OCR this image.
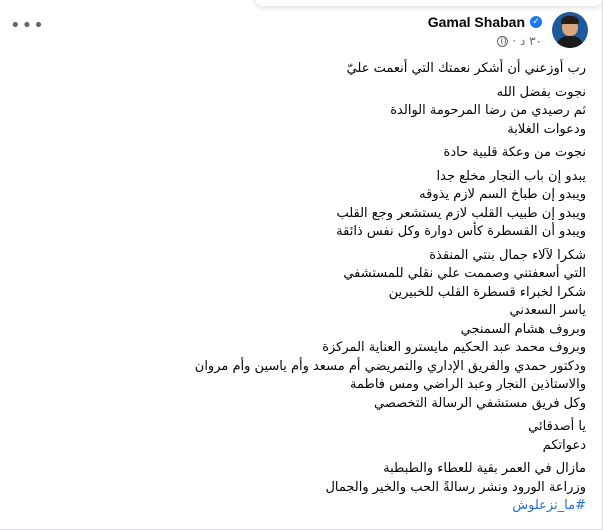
Gamal Shaban ✓
٣٠ د
·
•••
رب أوزعني أن أشكر نعمتك التي أنعمت عليّ
نجوت بفضل الله
ثم رصيدي من رضا المرحومة الوالدة
ودعوات الغلابة
نجوت من وعكة قلبية حادة
يبدو إن باب النجار مخلع جدا
ويبدو إن طباخ السم لازم يذوقه
ويبدو إن طبيب القلب لازم يستشعر وجع القلب
ويبدو أن القسطرة كأس دوارة وكل نفس ذائقة
شكرا لآلاء جمال بنتي المنقذة
التي أسعفتني وصممت علي نقلي للمستشفي
شكرا لخبراء قسطرة القلب للخبيرين
ياسر السعدني
وبروف هشام السمنجي
وبروف محمد عبد الحكيم مايسترو العناية المركزة
ودكتور حمدي والفريق الإداري والتمريضي أم مسعد وأم ياسين وأم مروان
والاستاذين النجار وعبد الراضي ومس فاطمة
وكل فريق مستشفي الرسالة التخصصي
يا أصدقائي
دعواتكم
مازال في العمر بقية للعطاء والطبطبة
وزراعة الورود ونشر رسالةً الحب والخير والجمال
#ما_تزعلوش
